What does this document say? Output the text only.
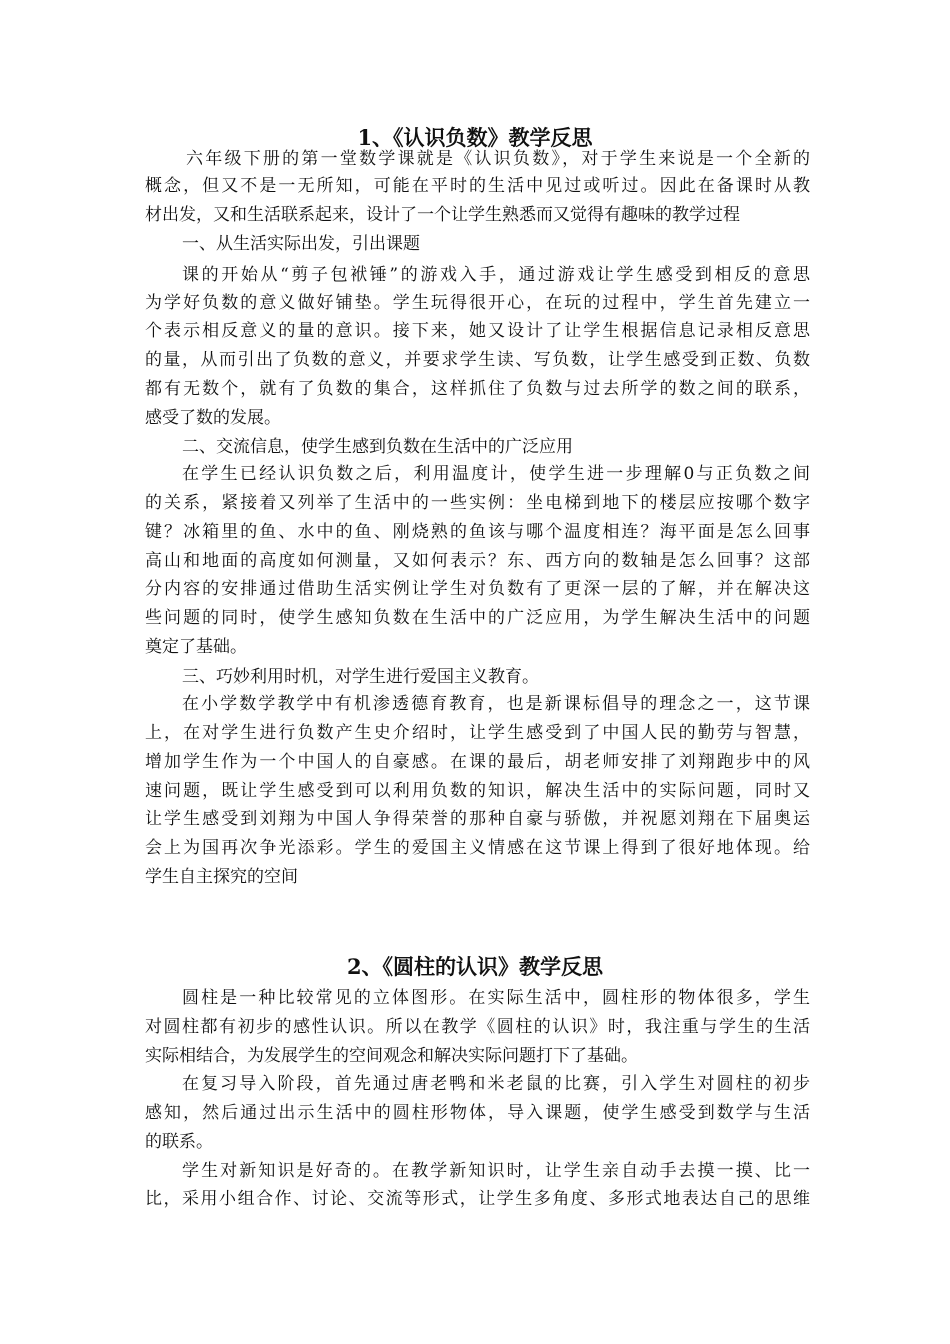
1、《认识负数》教学反思
六年级下册的第一堂数学课就是《认识负数》，对于学生来说是一个全新的
概念，但又不是一无所知，可能在平时的生活中见过或听过。因此在备课时从教
材出发，又和生活联系起来，设计了一个让学生熟悉而又觉得有趣味的教学过程
一、从生活实际出发，引出课题
课的开始从“剪子包袱锤”的游戏入手，通过游戏让学生感受到相反的意思
为学好负数的意义做好铺垫。学生玩得很开心，在玩的过程中，学生首先建立一
个表示相反意义的量的意识。接下来，她又设计了让学生根据信息记录相反意思
的量，从而引出了负数的意义，并要求学生读、写负数，让学生感受到正数、负数
都有无数个，就有了负数的集合，这样抓住了负数与过去所学的数之间的联系，
感受了数的发展。
二、交流信息，使学生感到负数在生活中的广泛应用
在学生已经认识负数之后，利用温度计，使学生进一步理解0与正负数之间
的关系，紧接着又列举了生活中的一些实例：坐电梯到地下的楼层应按哪个数字
键？冰箱里的鱼、水中的鱼、刚烧熟的鱼该与哪个温度相连？海平面是怎么回事
高山和地面的高度如何测量，又如何表示？东、西方向的数轴是怎么回事？这部
分内容的安排通过借助生活实例让学生对负数有了更深一层的了解，并在解决这
些问题的同时，使学生感知负数在生活中的广泛应用，为学生解决生活中的问题
奠定了基础。
三、巧妙利用时机，对学生进行爱国主义教育。
在小学数学教学中有机渗透德育教育，也是新课标倡导的理念之一，这节课
上，在对学生进行负数产生史介绍时，让学生感受到了中国人民的勤劳与智慧，
增加学生作为一个中国人的自豪感。在课的最后，胡老师安排了刘翔跑步中的风
速问题，既让学生感受到可以利用负数的知识，解决生活中的实际问题，同时又
让学生感受到刘翔为中国人争得荣誉的那种自豪与骄傲，并祝愿刘翔在下届奥运
会上为国再次争光添彩。学生的爱国主义情感在这节课上得到了很好地体现。给
学生自主探究的空间
2、《圆柱的认识》教学反思
圆柱是一种比较常见的立体图形。在实际生活中，圆柱形的物体很多，学生
对圆柱都有初步的感性认识。所以在教学《圆柱的认识》时，我注重与学生的生活
实际相结合，为发展学生的空间观念和解决实际问题打下了基础。
在复习导入阶段，首先通过唐老鸭和米老鼠的比赛，引入学生对圆柱的初步
感知，然后通过出示生活中的圆柱形物体，导入课题，使学生感受到数学与生活
的联系。
学生对新知识是好奇的。在教学新知识时，让学生亲自动手去摸一摸、比一
比，采用小组合作、讨论、交流等形式，让学生多角度、多形式地表达自己的思维
